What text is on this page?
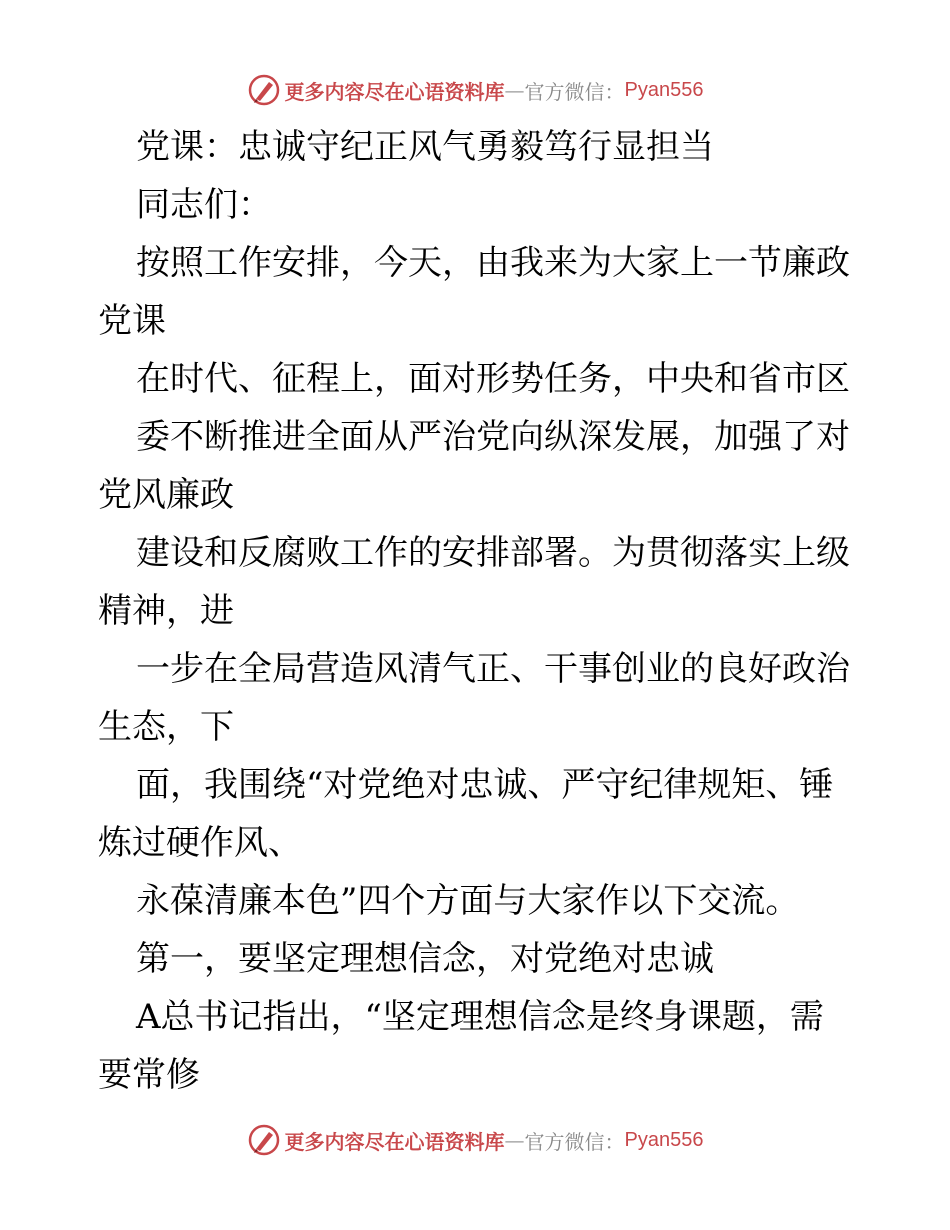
更多内容尽在心语资料库 — 官方微信： Pyan556
党课：忠诚守纪正风气勇毅笃行显担当
同志们：
按照工作安排，今天，由我来为大家上一节廉政
党课
在时代、征程上，面对形势任务，中央和省市区
委不断推进全面从严治党向纵深发展，加强了对
党风廉政
建设和反腐败工作的安排部署。为贯彻落实上级
精神，进
一步在全局营造风清气正、干事创业的良好政治
生态，下
面，我围绕“对党绝对忠诚、严守纪律规矩、锤
炼过硬作风、
永葆清廉本色”四个方面与大家作以下交流。
第一，要坚定理想信念，对党绝对忠诚
A总书记指出，“坚定理想信念是终身课题，需
要常修
更多内容尽在心语资料库 — 官方微信： Pyan556
